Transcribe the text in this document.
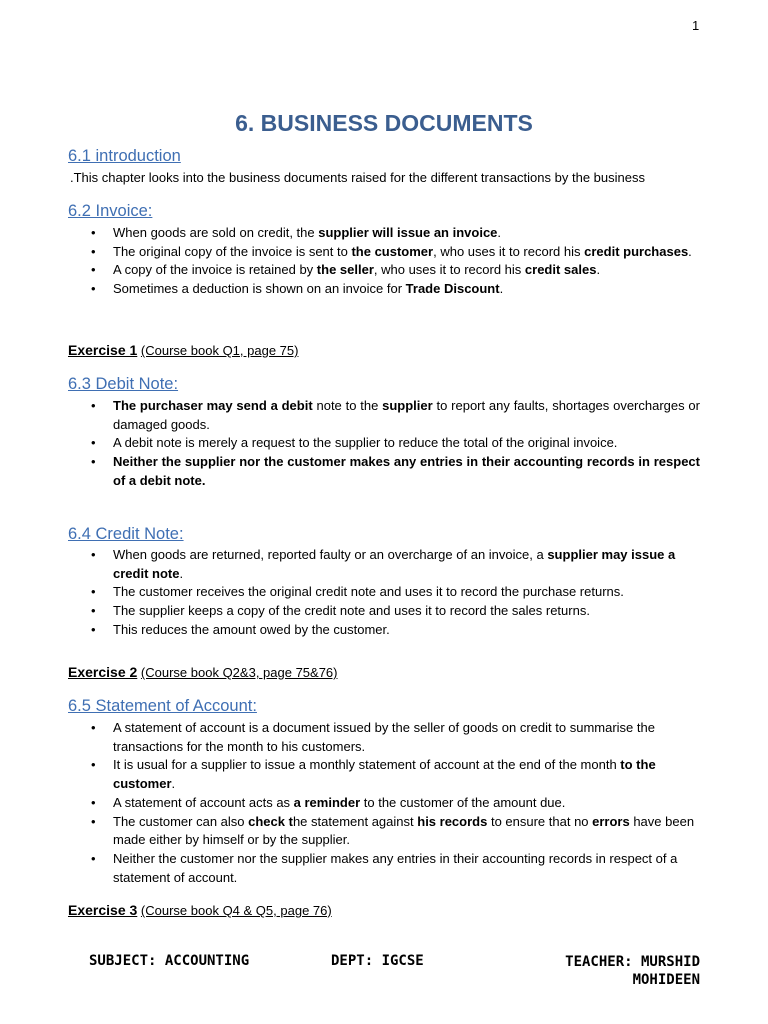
1
6. BUSINESS DOCUMENTS
6.1 introduction
.This chapter looks into the business documents raised for the different transactions by the business
6.2 Invoice:
• When goods are sold on credit, the supplier will issue an invoice.
• The original copy of the invoice is sent to the customer, who uses it to record his credit purchases.
• A copy of the invoice is retained by the seller, who uses it to record his credit sales.
• Sometimes a deduction is shown on an invoice for Trade Discount.
Exercise 1 (Course book Q1, page 75)
6.3 Debit Note:
• The purchaser may send a debit note to the supplier to report any faults, shortages overcharges or damaged goods.
• A debit note is merely a request to the supplier to reduce the total of the original invoice.
• Neither the supplier nor the customer makes any entries in their accounting records in respect of a debit note.
6.4 Credit Note:
• When goods are returned, reported faulty or an overcharge of an invoice, a supplier may issue a credit note.
• The customer receives the original credit note and uses it to record the purchase returns.
• The supplier keeps a copy of the credit note and uses it to record the sales returns.
• This reduces the amount owed by the customer.
Exercise 2 (Course book Q2&3, page 75&76)
6.5 Statement of Account:
• A statement of account is a document issued by the seller of goods on credit to summarise the transactions for the month to his customers.
• It is usual for a supplier to issue a monthly statement of account at the end of the month to the customer.
• A statement of account acts as a reminder to the customer of the amount due.
• The customer can also check the statement against his records to ensure that no errors have been made either by himself or by the supplier.
• Neither the customer nor the supplier makes any entries in their accounting records in respect of a statement of account.
Exercise 3 (Course book Q4 & Q5, page 76)
SUBJECT: ACCOUNTING	DEPT: IGCSE	TEACHER: MURSHID
MOHIDEEN
